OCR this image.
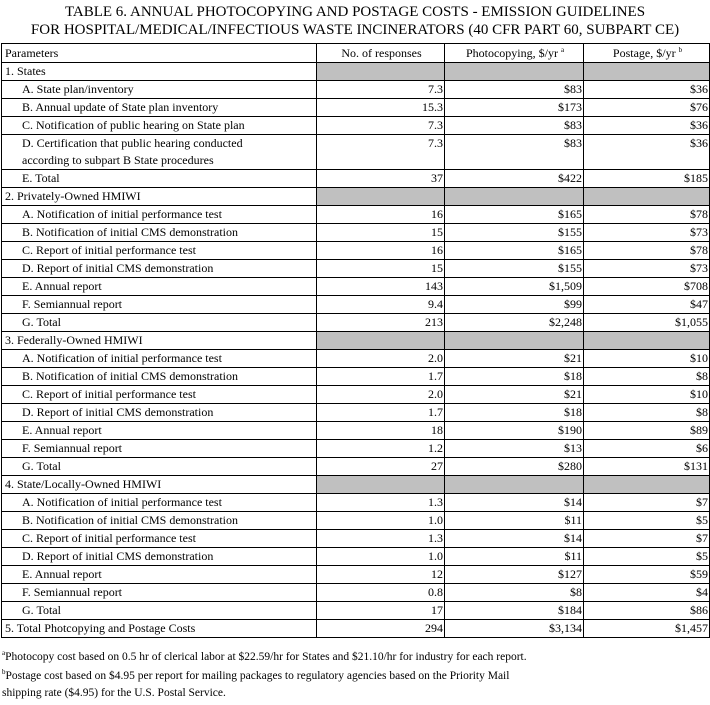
TABLE 6. ANNUAL PHOTOCOPYING AND POSTAGE COSTS - EMISSION GUIDELINES
FOR HOSPITAL/MEDICAL/INFECTIOUS WASTE INCINERATORS (40 CFR PART 60, SUBPART CE)
Parameters	No. of responses	Photocopying, $/yr $^a$	Postage, $/yr $^b$
1. States			
A. State plan/inventory	7.3	$83	$36
B. Annual update of State plan inventory	15.3	$173	$76
C. Notification of public hearing on State plan	7.3	$83	$36
D. Certification that public hearing conducted
according to subpart B State procedures	7.3	$83	$36
E. Total	37	$422	$185
2. Privately-Owned HMIWI			
A. Notification of initial performance test	16	$165	$78
B. Notification of initial CMS demonstration	15	$155	$73
C. Report of initial performance test	16	$165	$78
D. Report of initial CMS demonstration	15	$155	$73
E. Annual report	143	$1,509	$708
F. Semiannual report	9.4	$99	$47
G. Total	213	$2,248	$1,055
3. Federally-Owned HMIWI			
A. Notification of initial performance test	2.0	$21	$10
B. Notification of initial CMS demonstration	1.7	$18	$8
C. Report of initial performance test	2.0	$21	$10
D. Report of initial CMS demonstration	1.7	$18	$8
E. Annual report	18	$190	$89
F. Semiannual report	1.2	$13	$6
G. Total	27	$280	$131
4. State/Locally-Owned HMIWI			
A. Notification of initial performance test	1.3	$14	$7
B. Notification of initial CMS demonstration	1.0	$11	$5
C. Report of initial performance test	1.3	$14	$7
D. Report of initial CMS demonstration	1.0	$11	$5
E. Annual report	12	$127	$59
F. Semiannual report	0.8	$8	$4
G. Total	17	$184	$86
5. Total Photcopying and Postage Costs	294	$3,134	$1,457
$^a$Photocopy cost based on 0.5 hr of clerical labor at $22.59/hr for States and $21.10/hr for industry for each report.
$^b$Postage cost based on $4.95 per report for mailing packages to regulatory agencies based on the Priority Mail
shipping rate ($4.95) for the U.S. Postal Service.
